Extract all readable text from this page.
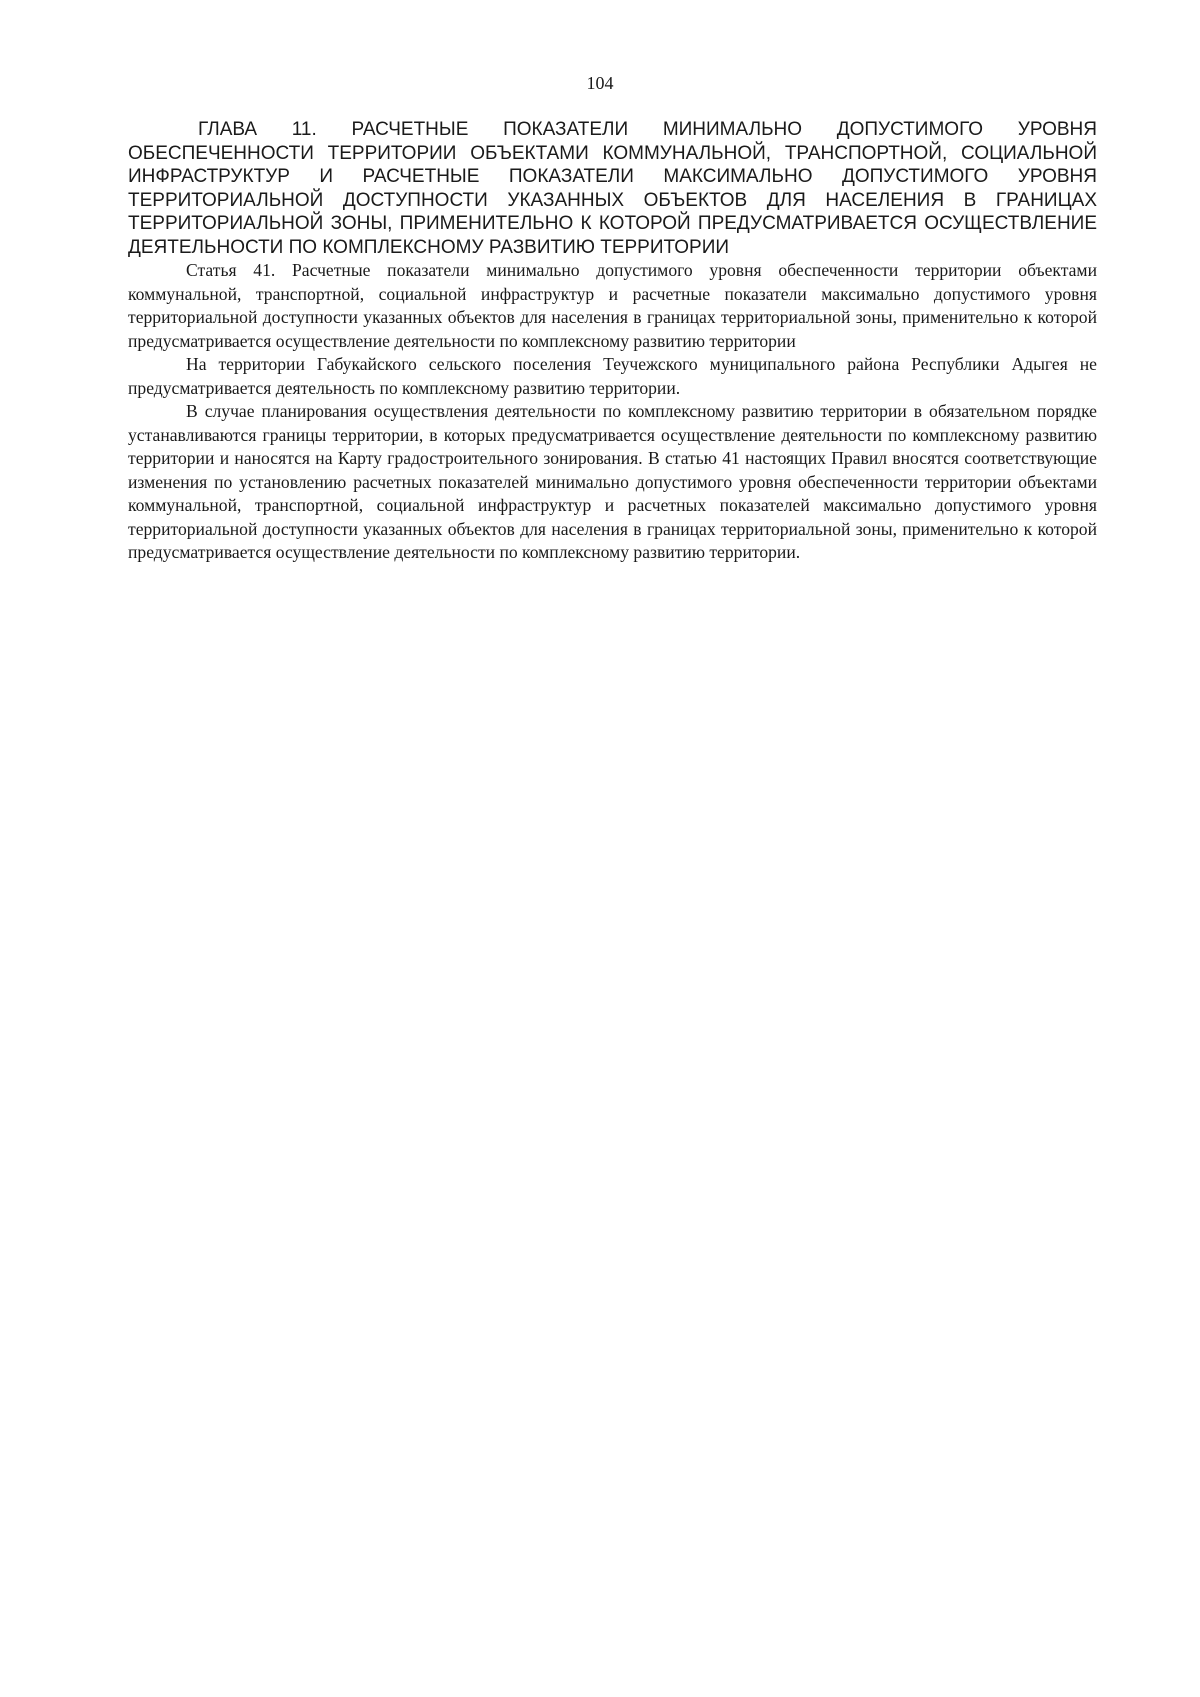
104
ГЛАВА 11. РАСЧЕТНЫЕ ПОКАЗАТЕЛИ МИНИМАЛЬНО ДОПУСТИМОГО УРОВНЯ ОБЕСПЕЧЕННОСТИ ТЕРРИТОРИИ ОБЪЕКТАМИ КОММУНАЛЬНОЙ, ТРАНСПОРТНОЙ, СОЦИАЛЬНОЙ ИНФРАСТРУКТУР И РАСЧЕТНЫЕ ПОКАЗАТЕЛИ МАКСИМАЛЬНО ДОПУСТИМОГО УРОВНЯ ТЕРРИТОРИАЛЬНОЙ ДОСТУПНОСТИ УКАЗАННЫХ ОБЪЕКТОВ ДЛЯ НАСЕЛЕНИЯ В ГРАНИЦАХ ТЕРРИТОРИАЛЬНОЙ ЗОНЫ, ПРИМЕНИТЕЛЬНО К КОТОРОЙ ПРЕДУСМАТРИВАЕТСЯ ОСУЩЕСТВЛЕНИЕ ДЕЯТЕЛЬНОСТИ ПО КОМПЛЕКСНОМУ РАЗВИТИЮ ТЕРРИТОРИИ

Статья 41. Расчетные показатели минимально допустимого уровня обеспеченности территории объектами коммунальной, транспортной, социальной инфраструктур и расчетные показатели максимально допустимого уровня территориальной доступности указанных объектов для населения в границах территориальной зоны, применительно к которой предусматривается осуществление деятельности по комплексному развитию территории

На территории Габукайского сельского поселения Теучежского муниципального района Республики Адыгея не предусматривается деятельность по комплексному развитию территории.

В случае планирования осуществления деятельности по комплексному развитию территории в обязательном порядке устанавливаются границы территории, в которых предусматривается осуществление деятельности по комплексному развитию территории и наносятся на Карту градостроительного зонирования. В статью 41 настоящих Правил вносятся соответствующие изменения по установлению расчетных показателей минимально допустимого уровня обеспеченности территории объектами коммунальной, транспортной, социальной инфраструктур и расчетных показателей максимально допустимого уровня территориальной доступности указанных объектов для населения в границах территориальной зоны, применительно к которой предусматривается осуществление деятельности по комплексному развитию территории.
